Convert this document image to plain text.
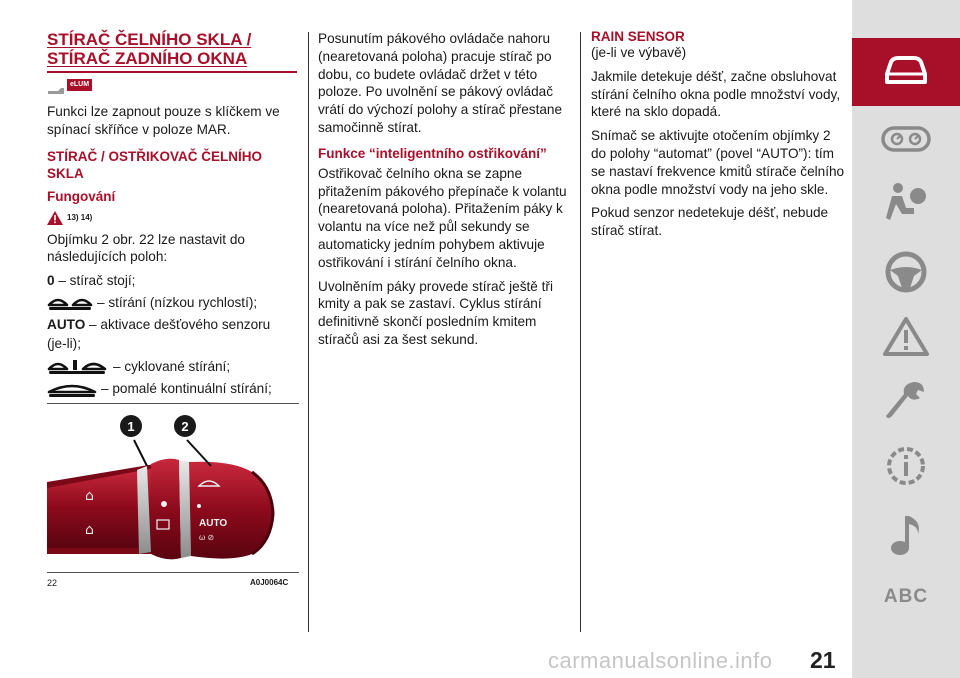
STÍRAČ ČELNÍHO SKLA / STÍRAČ ZADNÍHO OKNA
eLUM

Funkci lze zapnout pouze s klíčkem ve spínací skříňce v poloze MAR.

STÍRAČ / OSTŘIKOVAČ ČELNÍHO SKLA
Fungování
13) 14)

Objímku 2 obr. 22 lze nastavit do následujících poloh:

0
– stírač stojí;
– stírání (nízkou rychlostí);
AUTO
– aktivace dešťového senzoru
(je-li);
– cyklované stírání;
– pomalé kontinuální stírání;
⌂
⌂	AUTO
ω ⊘
1	2
22	A0J0064C

Posunutím pákového ovládače nahoru (nearetovaná poloha) pracuje stírač po dobu, co budete ovládač držet v této poloze. Po uvolnění se pákový ovládač vrátí do výchozí polohy a stírač přestane samočinně stírat.

Funkce “inteligentního ostřikování”

Ostřikovač čelního okna se zapne přitažením pákového přepínače k volantu (nearetovaná poloha). Přitažením páky k volantu na více než půl sekundy se automaticky jedním pohybem aktivuje ostřikování i stírání čelního okna.

Uvolněním páky provede stírač ještě tři kmity a pak se zastaví. Cyklus stírání definitivně skončí posledním kmitem stíračů asi za šest sekund.

RAIN SENSOR

(je-li ve výbavě)

Jakmile detekuje déšť, začne obsluhovat stírání čelního okna podle množství vody, které na sklo dopadá.

Snímač se aktivujte otočením objímky 2 do polohy “automat” (povel “AUTO”): tím se nastaví frekvence kmitů stírače čelního okna podle množství vody na jeho skle.

Pokud senzor nedetekuje déšť, nebude stírač stírat.

ABC
carmanualsonline.info 21
